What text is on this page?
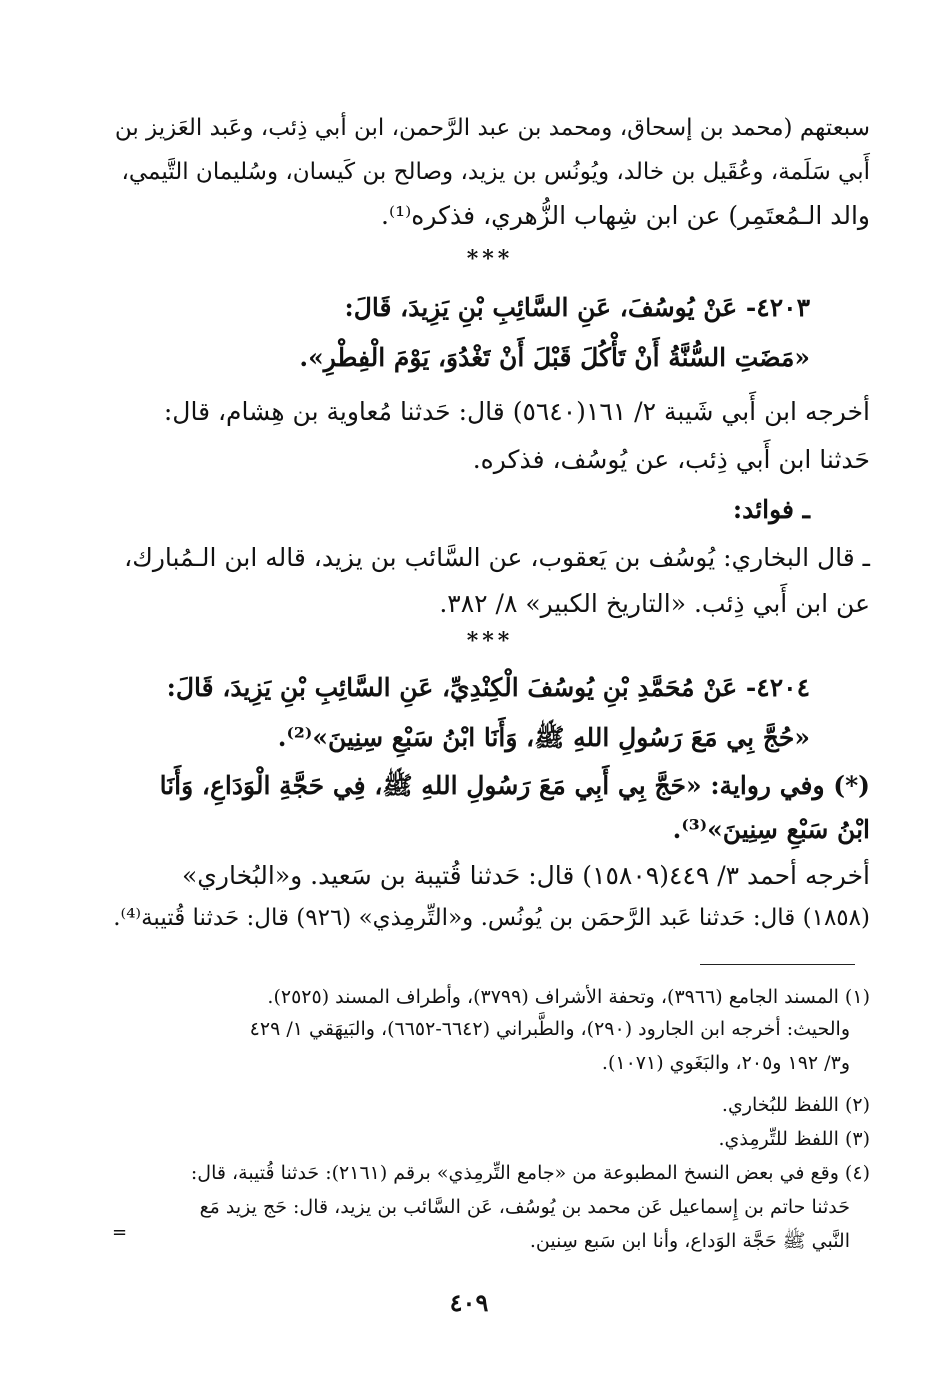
سبعتهم (محمد بن إسحاق، ومحمد بن عبد الرَّحمن، ابن أبي ذِئب، وعَبد العَزيز بن
أَبي سَلَمة، وعُقَيل بن خالد، ويُونُس بن يزيد، وصالح بن كَيسان، وسُليمان التَّيمي،
والد الـمُعتَمِر) عن ابن شِهاب الزُّهري، فذكره⁽¹⁾.
***
٤٢٠٣- عَنْ يُوسُفَ، عَنِ السَّائِبِ بْنِ يَزِيدَ، قَالَ:
«مَضَتِ السُّنَّةُ أَنْ تَأْكُلَ قَبْلَ أَنْ تَغْدُوَ، يَوْمَ الْفِطْرِ».
أخرجه ابن أَبي شَيبة ٢/ ١٦١(٥٦٤٠) قال: حَدثنا مُعاوية بن هِشام، قال:
حَدثنا ابن أَبي ذِئب، عن يُوسُف، فذكره.
ـ فوائد:
ـ قال البخاري: يُوسُف بن يَعقوب، عن السَّائب بن يزيد، قاله ابن الـمُبارك،
عن ابن أَبي ذِئب. «التاريخ الكبير» ٨/ ٣٨٢.
***
٤٢٠٤- عَنْ مُحَمَّدِ بْنِ يُوسُفَ الْكِنْدِيِّ، عَنِ السَّائِبِ بْنِ يَزِيدَ، قَالَ:
«حُجَّ بِي مَعَ رَسُولِ اللهِ ﷺ، وَأَنَا ابْنُ سَبْعِ سِنِينَ»⁽²⁾.
(*) وفي رواية: «حَجَّ بِي أَبِي مَعَ رَسُولِ اللهِ ﷺ، فِي حَجَّةِ الْوَدَاعِ، وَأَنَا
ابْنُ سَبْعِ سِنِينَ»⁽³⁾.
أخرجه أحمد ٣/ ٤٤٩(١٥٨٠٩) قال: حَدثنا قُتيبة بن سَعيد. و«البُخاري»
(١٨٥٨) قال: حَدثنا عَبد الرَّحمَن بن يُونُس. و«التِّرمِذي» (٩٢٦) قال: حَدثنا قُتيبة⁽⁴⁾.
(١) المسند الجامع (٣٩٦٦)، وتحفة الأشراف (٣٧٩٩)، وأطراف المسند (٢٥٢٥).
والحيث: أخرجه ابن الجارود (٢٩٠)، والطَّبراني (٦٦٤٢-٦٦٥٢)، والبَيهَقي ١/ ٤٢٩
و٣/ ١٩٢ و٢٠٥، والبَغَوي (١٠٧١).
(٢) اللفظ للبُخاري.
(٣) اللفظ للتِّرمِذي.
(٤) وقع في بعض النسخ المطبوعة من «جامع التِّرمِذي» برقم (٢١٦١): حَدثنا قُتيبة، قال:
حَدثنا حاتم بن إِسماعيل عَن محمد بن يُوسُف، عَن السَّائب بن يزيد، قال: حَج يزيد مَع
النَّبي ﷺ حَجَّة الوَداع، وأنا ابن سَبع سِنين.
=
٤٠٩
